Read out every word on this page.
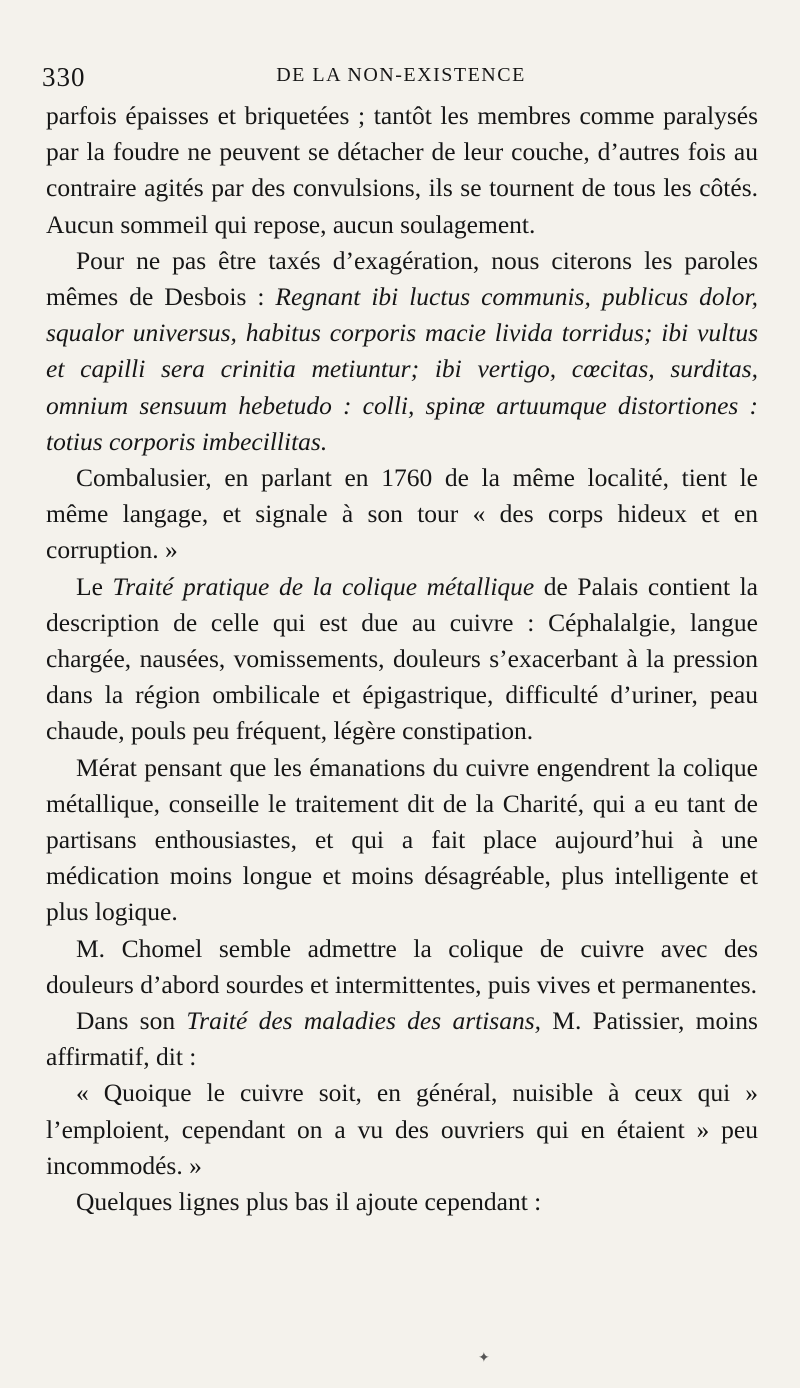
330	DE LA NON-EXISTENCE

parfois épaisses et briquetées ; tantôt les membres comme paralysés par la foudre ne peuvent se détacher de leur couche, d’autres fois au contraire agités par des convulsions, ils se tournent de tous les côtés. Aucun sommeil qui repose, aucun soulagement.

Pour ne pas être taxés d’exagération, nous citerons les paroles mêmes de Desbois : Regnant ibi luctus communis, publicus dolor, squalor universus, habitus corporis macie livida torridus; ibi vultus et capilli sera crinitia metiuntur; ibi vertigo, cœcitas, surditas, omnium sensuum hebetudo : colli, spinæ artuumque distortiones : totius corporis imbecillitas.

Combalusier, en parlant en 1760 de la même localité, tient le même langage, et signale à son tour « des corps hideux et en corruption. »

Le Traité pratique de la colique métallique de Palais contient la description de celle qui est due au cuivre : Céphalalgie, langue chargée, nausées, vomissements, douleurs s’exacerbant à la pression dans la région ombilicale et épigastrique, difficulté d’uriner, peau chaude, pouls peu fréquent, légère constipation.

Mérat pensant que les émanations du cuivre engendrent la colique métallique, conseille le traitement dit de la Charité, qui a eu tant de partisans enthousiastes, et qui a fait place aujourd’hui à une médication moins longue et moins désagréable, plus intelligente et plus logique.

M. Chomel semble admettre la colique de cuivre avec des douleurs d’abord sourdes et intermittentes, puis vives et permanentes.

Dans son Traité des maladies des artisans, M. Patissier, moins affirmatif, dit :

« Quoique le cuivre soit, en général, nuisible à ceux qui » l’emploient, cependant on a vu des ouvriers qui en étaient » peu incommodés. »

Quelques lignes plus bas il ajoute cependant :

✦
